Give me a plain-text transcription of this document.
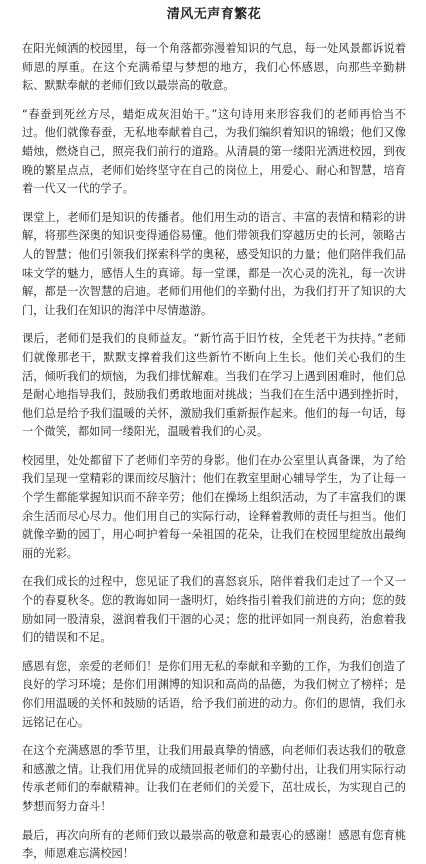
清风无声育繁花

在阳光倾洒的校园里，每一个角落都弥漫着知识的气息，每一处风景都诉说着师恩的厚重。在这个充满希望与梦想的地方，我们心怀感恩，向那些辛勤耕耘、默默奉献的老师们致以最崇高的敬意。

“春蚕到死丝方尽，蜡炬成灰泪始干。”这句诗用来形容我们的老师再恰当不过。他们就像春蚕，无私地奉献着自己，为我们编织着知识的锦缎；他们又像蜡烛，燃烧自己，照亮我们前行的道路。从清晨的第一缕阳光洒进校园，到夜晚的繁星点点，老师们始终坚守在自己的岗位上，用爱心、耐心和智慧，培育着一代又一代的学子。

课堂上，老师们是知识的传播者。他们用生动的语言、丰富的表情和精彩的讲解，将那些深奥的知识变得通俗易懂。他们带领我们穿越历史的长河，领略古人的智慧；他们引领我们探索科学的奥秘，感受知识的力量；他们陪伴我们品味文学的魅力，感悟人生的真谛。每一堂课，都是一次心灵的洗礼，每一次讲解，都是一次智慧的启迪。老师们用他们的辛勤付出，为我们打开了知识的大门，让我们在知识的海洋中尽情遨游。

课后，老师们是我们的良师益友。“新竹高于旧竹枝，全凭老干为扶持。”老师们就像那老干，默默支撑着我们这些新竹不断向上生长。他们关心我们的生活，倾听我们的烦恼，为我们排忧解难。当我们在学习上遇到困难时，他们总是耐心地指导我们，鼓励我们勇敢地面对挑战；当我们在生活中遇到挫折时，他们总是给予我们温暖的关怀，激励我们重新振作起来。他们的每一句话，每一个微笑，都如同一缕阳光，温暖着我们的心灵。

校园里，处处都留下了老师们辛劳的身影。他们在办公室里认真备课，为了给我们呈现一堂精彩的课而绞尽脑汁；他们在教室里耐心辅导学生，为了让每一个学生都能掌握知识而不辞辛劳；他们在操场上组织活动，为了丰富我们的课余生活而尽心尽力。他们用自己的实际行动，诠释着教师的责任与担当。他们就像辛勤的园丁，用心呵护着每一朵祖国的花朵，让我们在校园里绽放出最绚丽的光彩。

在我们成长的过程中，您见证了我们的喜怒哀乐，陪伴着我们走过了一个又一个的春夏秋冬。您的教诲如同一盏明灯，始终指引着我们前进的方向；您的鼓励如同一股清泉，滋润着我们干涸的心灵；您的批评如同一剂良药，治愈着我们的错误和不足。

感恩有您，亲爱的老师们！是你们用无私的奉献和辛勤的工作，为我们创造了良好的学习环境；是你们用渊博的知识和高尚的品德，为我们树立了榜样；是你们用温暖的关怀和鼓励的话语，给予我们前进的动力。你们的恩情，我们永远铭记在心。

在这个充满感恩的季节里，让我们用最真挚的情感，向老师们表达我们的敬意和感激之情。让我们用优异的成绩回报老师们的辛勤付出，让我们用实际行动传承老师们的奉献精神。让我们在老师们的关爱下，茁壮成长，为实现自己的梦想而努力奋斗！

最后，再次向所有的老师们致以最崇高的敬意和最衷心的感谢！感恩有您育桃李，师恩难忘满校园！
